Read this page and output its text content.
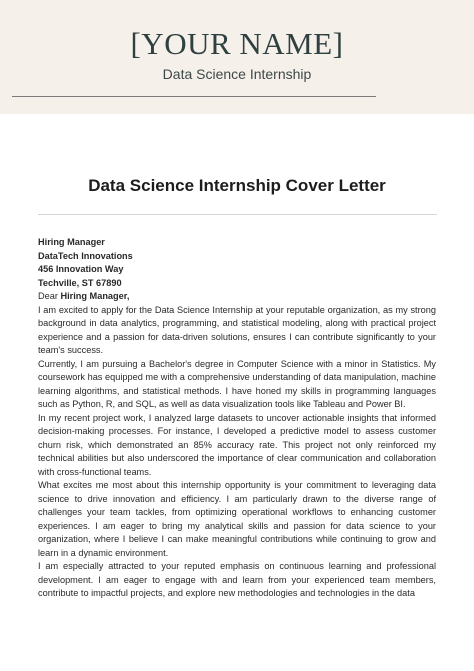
[YOUR NAME]
Data Science Internship
Data Science Internship Cover Letter
Hiring Manager
DataTech Innovations
456 Innovation Way
Techville, ST 67890
Dear Hiring Manager,

I am excited to apply for the Data Science Internship at your reputable organization, as my strong background in data analytics, programming, and statistical modeling, along with practical project experience and a passion for data-driven solutions, ensures I can contribute significantly to your team's success.

Currently, I am pursuing a Bachelor's degree in Computer Science with a minor in Statistics. My coursework has equipped me with a comprehensive understanding of data manipulation, machine learning algorithms, and statistical methods. I have honed my skills in programming languages such as Python, R, and SQL, as well as data visualization tools like Tableau and Power BI.

In my recent project work, I analyzed large datasets to uncover actionable insights that informed decision-making processes. For instance, I developed a predictive model to assess customer churn risk, which demonstrated an 85% accuracy rate. This project not only reinforced my technical abilities but also underscored the importance of clear communication and collaboration with cross-functional teams.

What excites me most about this internship opportunity is your commitment to leveraging data science to drive innovation and efficiency. I am particularly drawn to the diverse range of challenges your team tackles, from optimizing operational workflows to enhancing customer experiences. I am eager to bring my analytical skills and passion for data science to your organization, where I believe I can make meaningful contributions while continuing to grow and learn in a dynamic environment.

I am especially attracted to your reputed emphasis on continuous learning and professional development. I am eager to engage with and learn from your experienced team members, contribute to impactful projects, and explore new methodologies and technologies in the data
